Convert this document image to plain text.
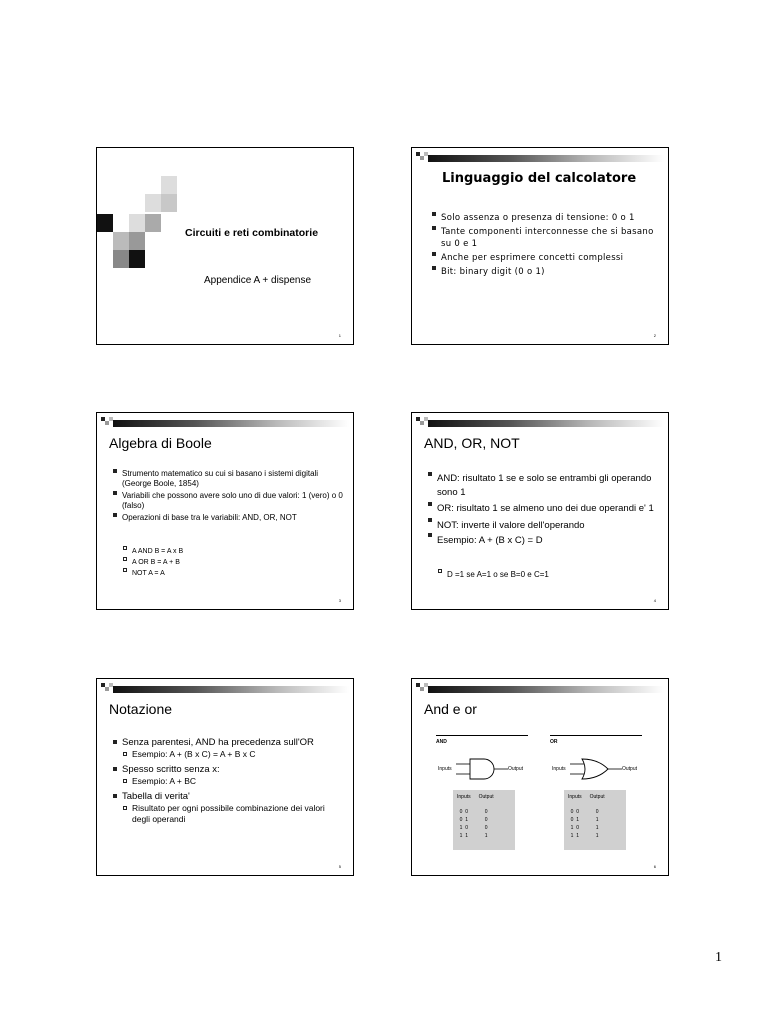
Circuiti e reti combinatorie
Appendice A + dispense
1
Linguaggio del calcolatore
Solo assenza o presenza di tensione: 0 o 1
Tante componenti interconnesse che si basano su 0 e 1
Anche per esprimere concetti complessi
Bit: binary digit (0 o 1)
2
Algebra di Boole
Strumento matematico su cui si basano i sistemi digitali (George Boole, 1854)
Variabili che possono avere solo uno di due valori: 1 (vero) o 0 (falso)
Operazioni di base tra le variabili: AND, OR, NOT
A AND B = A x B
A OR B = A + B
NOT A = A
3
AND, OR, NOT
AND: risultato 1 se e solo se entrambi gli operando sono 1
OR: risultato 1 se almeno uno dei due operandi e' 1
NOT: inverte il valore dell'operando
Esempio: A + (B x C) = D
D =1 se A=1 o se B=0 e C=1
4
Notazione
Senza parentesi, AND ha precedenza sull'OR
Esempio: A + (B x C) = A + B x C
Spesso scritto senza x:
Esempio: A + BC
Tabella di verita'
Risultato per ogni possibile combinazione dei valori degli operandi
5
And e or
AND
Inputs	Output
Inputs	Output
0  0	0
0  1	0
1  0	0
1  1	1
OR
Inputs	Output
Inputs	Output
0  0	0
0  1	1
1  0	1
1  1	1
6
1
